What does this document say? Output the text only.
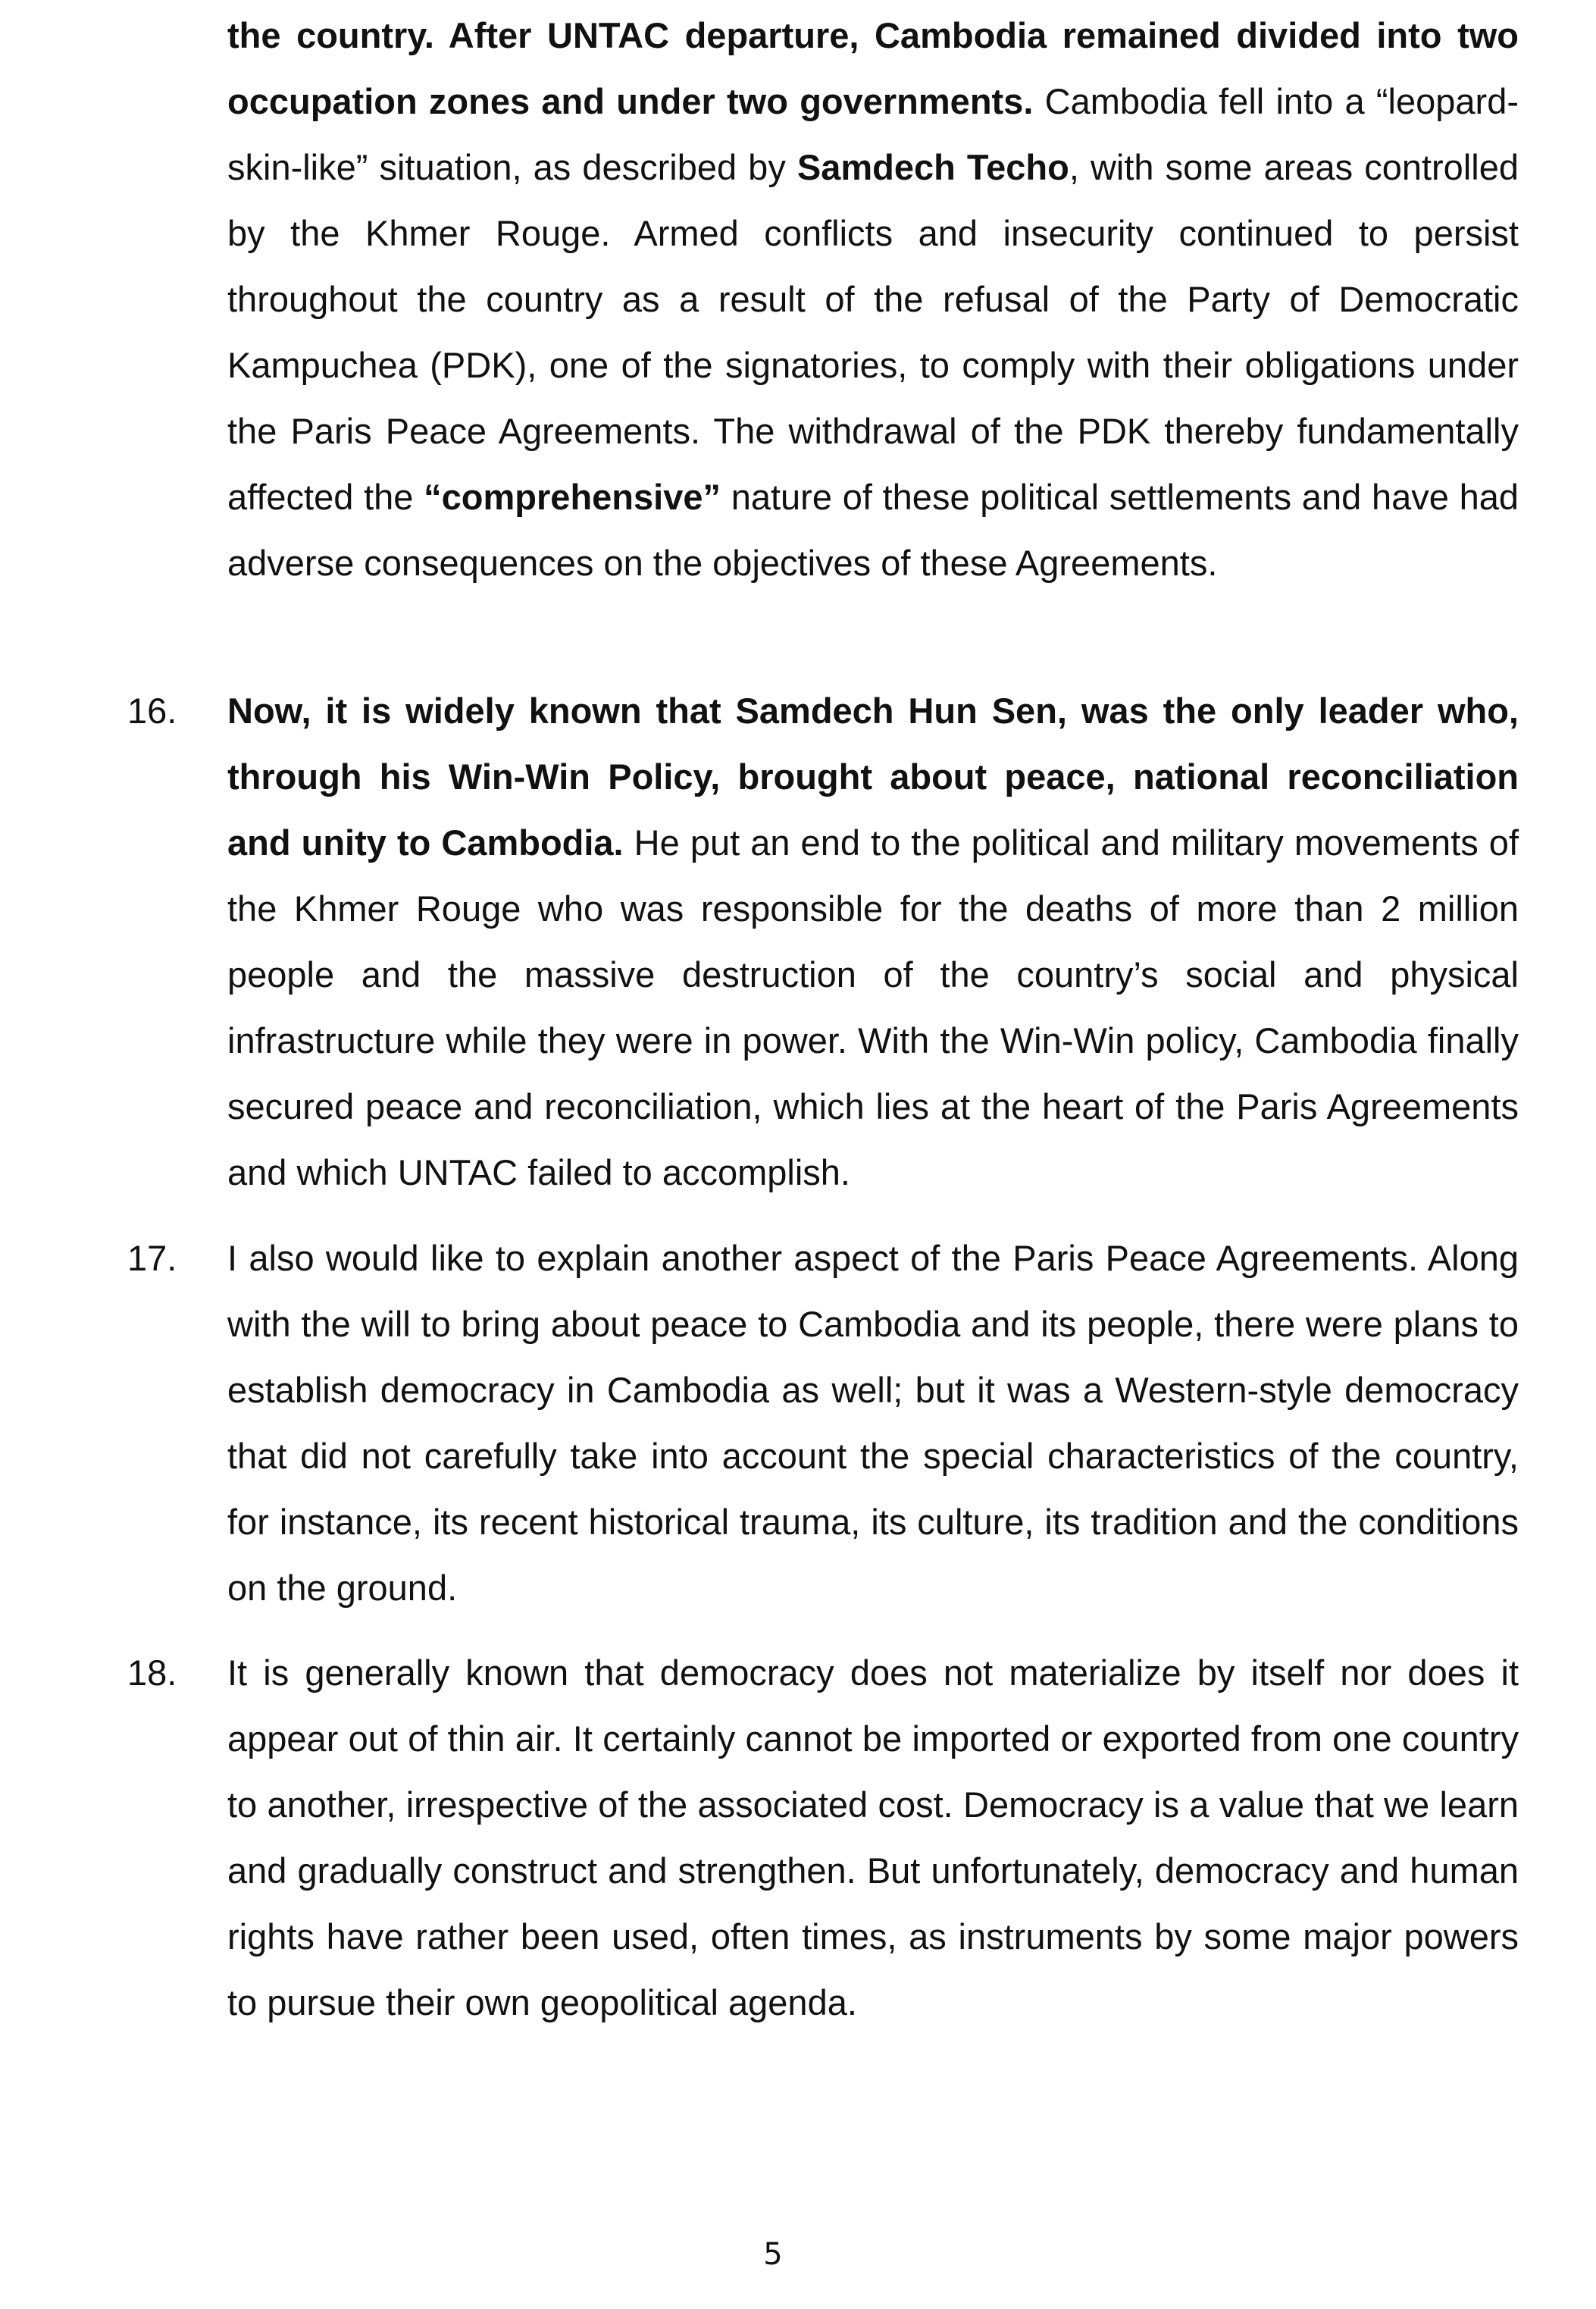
the country. After UNTAC departure, Cambodia remained divided into two occupation zones and under two governments. Cambodia fell into a “leopard-skin-like” situation, as described by Samdech Techo, with some areas controlled by the Khmer Rouge. Armed conflicts and insecurity continued to persist throughout the country as a result of the refusal of the Party of Democratic Kampuchea (PDK), one of the signatories, to comply with their obligations under the Paris Peace Agreements. The withdrawal of the PDK thereby fundamentally affected the “comprehensive” nature of these political settlements and have had adverse consequences on the objectives of these Agreements.

16. Now, it is widely known that Samdech Hun Sen, was the only leader who, through his Win-Win Policy, brought about peace, national reconciliation and unity to Cambodia. He put an end to the political and military movements of the Khmer Rouge who was responsible for the deaths of more than 2 million people and the massive destruction of the country’s social and physical infrastructure while they were in power. With the Win-Win policy, Cambodia finally secured peace and reconciliation, which lies at the heart of the Paris Agreements and which UNTAC failed to accomplish.

17. I also would like to explain another aspect of the Paris Peace Agreements. Along with the will to bring about peace to Cambodia and its people, there were plans to establish democracy in Cambodia as well; but it was a Western-style democracy that did not carefully take into account the special characteristics of the country, for instance, its recent historical trauma, its culture, its tradition and the conditions on the ground.

18. It is generally known that democracy does not materialize by itself nor does it appear out of thin air. It certainly cannot be imported or exported from one country to another, irrespective of the associated cost. Democracy is a value that we learn and gradually construct and strengthen. But unfortunately, democracy and human rights have rather been used, often times, as instruments by some major powers to pursue their own geopolitical agenda.

5
